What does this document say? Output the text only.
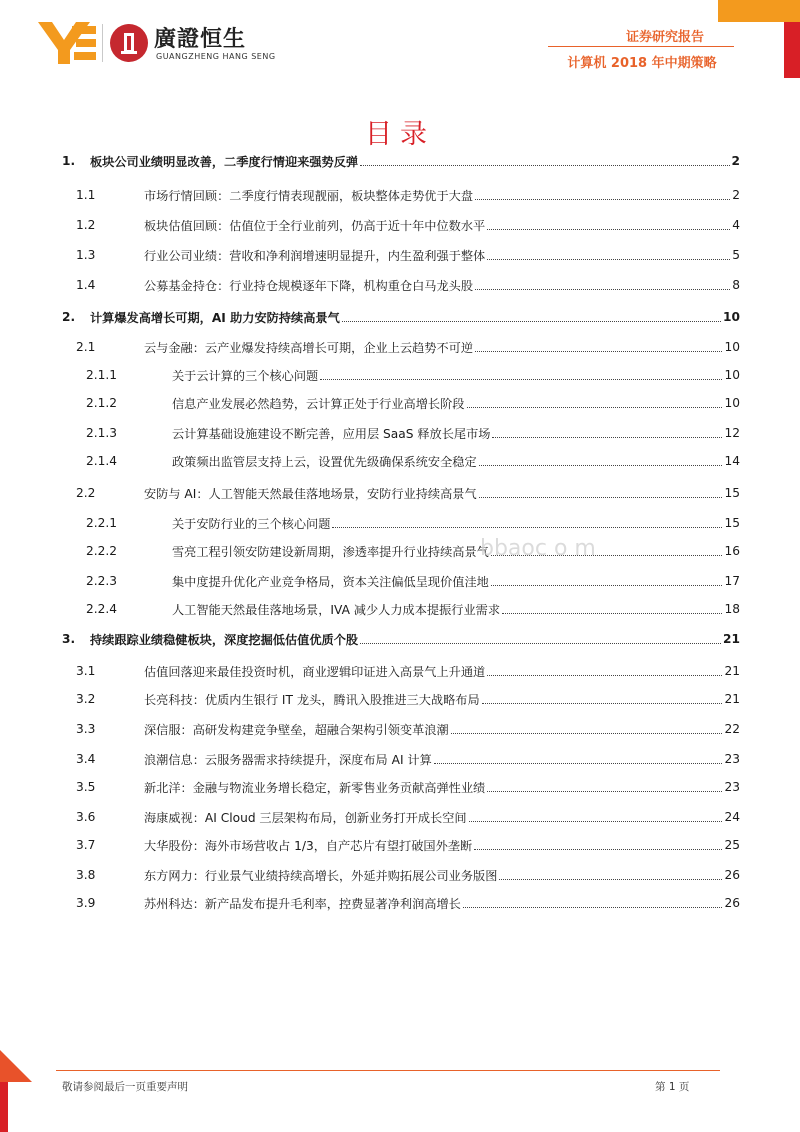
廣證恒生
GUANGZHENG HANG SENG
证券研究报告
计算机 2018 年中期策略
目录
1.	板块公司业绩明显改善，二季度行情迎来强势反弹	2
1.1	市场行情回顾：二季度行情表现靓丽，板块整体走势优于大盘	2
1.2	板块估值回顾：估值位于全行业前列，仍高于近十年中位数水平	4
1.3	行业公司业绩：营收和净利润增速明显提升，内生盈利强于整体	5
1.4	公募基金持仓：行业持仓规模逐年下降，机构重仓白马龙头股	8
2.	计算爆发高增长可期，AI 助力安防持续高景气	10
2.1	云与金融：云产业爆发持续高增长可期，企业上云趋势不可逆	10
2.1.1	关于云计算的三个核心问题	10
2.1.2	信息产业发展必然趋势，云计算正处于行业高增长阶段	10
2.1.3	云计算基础设施建设不断完善，应用层 SaaS 释放长尾市场	12
2.1.4	政策频出监管层支持上云，设置优先级确保系统安全稳定	14
2.2	安防与 AI：人工智能天然最佳落地场景，安防行业持续高景气	15
2.2.1	关于安防行业的三个核心问题	15
2.2.2	雪亮工程引领安防建设新周期，渗透率提升行业持续高景气	16
2.2.3	集中度提升优化产业竞争格局，资本关注偏低呈现价值洼地	17
2.2.4	人工智能天然最佳落地场景，IVA 减少人力成本提振行业需求	18
3.	持续跟踪业绩稳健板块，深度挖掘低估值优质个股	21
3.1	估值回落迎来最佳投资时机，商业逻辑印证进入高景气上升通道	21
3.2	长亮科技：优质内生银行 IT 龙头，腾讯入股推进三大战略布局	21
3.3	深信服：高研发构建竞争壁垒，超融合架构引领变革浪潮	22
3.4	浪潮信息：云服务器需求持续提升，深度布局 AI 计算	23
3.5	新北洋：金融与物流业务增长稳定，新零售业务贡献高弹性业绩	23
3.6	海康威视：AI Cloud 三层架构布局，创新业务打开成长空间	24
3.7	大华股份：海外市场营收占 1/3，自产芯片有望打破国外垄断	25
3.8	东方网力：行业景气业绩持续高增长，外延并购拓展公司业务版图	26
3.9	苏州科达：新产品发布提升毛利率，控费显著净利润高增长	26
bbaoc o m
敬请参阅最后一页重要声明	第 1 页
